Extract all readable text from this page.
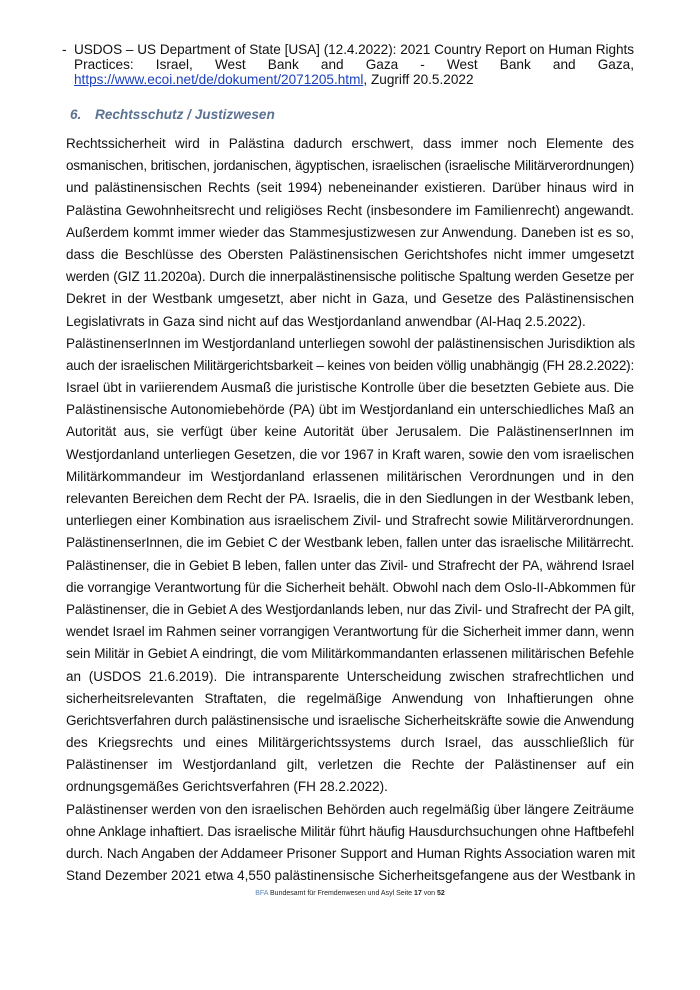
- USDOS – US Department of State [USA] (12.4.2022): 2021 Country Report on Human Rights
Practices: Israel, West Bank and Gaza - West Bank and Gaza,
https://www.ecoi.net/de/dokument/2071205.html, Zugriff 20.5.2022
6. Rechtsschutz / Justizwesen
Rechtssicherheit wird in Palästina dadurch erschwert, dass immer noch Elemente des
osmanischen, britischen, jordanischen, ägyptischen, israelischen (israelische Militärverordnungen)
und palästinensischen Rechts (seit 1994) nebeneinander existieren. Darüber hinaus wird in
Palästina Gewohnheitsrecht und religiöses Recht (insbesondere im Familienrecht) angewandt.
Außerdem kommt immer wieder das Stammesjustizwesen zur Anwendung. Daneben ist es so,
dass die Beschlüsse des Obersten Palästinensischen Gerichtshofes nicht immer umgesetzt
werden (GIZ 11.2020a). Durch die innerpalästinensische politische Spaltung werden Gesetze per
Dekret in der Westbank umgesetzt, aber nicht in Gaza, und Gesetze des Palästinensischen
Legislativrats in Gaza sind nicht auf das Westjordanland anwendbar (Al-Haq 2.5.2022).
PalästinenserInnen im Westjordanland unterliegen sowohl der palästinensischen Jurisdiktion als
auch der israelischen Militärgerichtsbarkeit – keines von beiden völlig unabhängig (FH 28.2.2022):
Israel übt in variierendem Ausmaß die juristische Kontrolle über die besetzten Gebiete aus. Die
Palästinensische Autonomiebehörde (PA) übt im Westjordanland ein unterschiedliches Maß an
Autorität aus, sie verfügt über keine Autorität über Jerusalem. Die PalästinenserInnen im
Westjordanland unterliegen Gesetzen, die vor 1967 in Kraft waren, sowie den vom israelischen
Militärkommandeur im Westjordanland erlassenen militärischen Verordnungen und in den
relevanten Bereichen dem Recht der PA. Israelis, die in den Siedlungen in der Westbank leben,
unterliegen einer Kombination aus israelischem Zivil- und Strafrecht sowie Militärverordnungen.
PalästinenserInnen, die im Gebiet C der Westbank leben, fallen unter das israelische Militärrecht.
Palästinenser, die in Gebiet B leben, fallen unter das Zivil- und Strafrecht der PA, während Israel
die vorrangige Verantwortung für die Sicherheit behält. Obwohl nach dem Oslo-II-Abkommen für
Palästinenser, die in Gebiet A des Westjordanlands leben, nur das Zivil- und Strafrecht der PA gilt,
wendet Israel im Rahmen seiner vorrangigen Verantwortung für die Sicherheit immer dann, wenn
sein Militär in Gebiet A eindringt, die vom Militärkommandanten erlassenen militärischen Befehle
an (USDOS 21.6.2019). Die intransparente Unterscheidung zwischen strafrechtlichen und
sicherheitsrelevanten Straftaten, die regelmäßige Anwendung von Inhaftierungen ohne
Gerichtsverfahren durch palästinensische und israelische Sicherheitskräfte sowie die Anwendung
des Kriegsrechts und eines Militärgerichtssystems durch Israel, das ausschließlich für
Palästinenser im Westjordanland gilt, verletzen die Rechte der Palästinenser auf ein
ordnungsgemäßes Gerichtsverfahren (FH 28.2.2022).
Palästinenser werden von den israelischen Behörden auch regelmäßig über längere Zeiträume
ohne Anklage inhaftiert. Das israelische Militär führt häufig Hausdurchsuchungen ohne Haftbefehl
durch. Nach Angaben der Addameer Prisoner Support and Human Rights Association waren mit
Stand Dezember 2021 etwa 4,550 palästinensische Sicherheitsgefangene aus der Westbank in
BFA Bundesamt für Fremdenwesen und Asyl Seite 17 von 52
